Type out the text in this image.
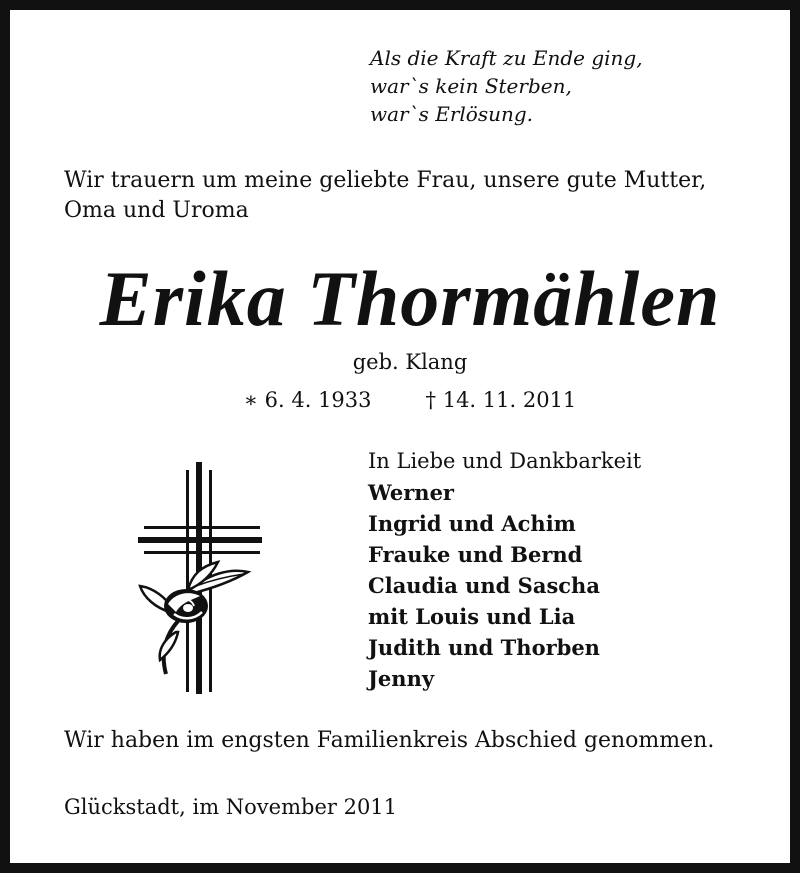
Als die Kraft zu Ende ging,
war`s kein Sterben,
war`s Erlösung.
Wir trauern um meine geliebte Frau, unsere gute Mutter,
Oma und Uroma
Erika Thormählen
geb. Klang
∗ 6. 4. 1933	† 14. 11. 2011
In Liebe und Dankbarkeit
Werner
Ingrid und Achim
Frauke und Bernd
Claudia und Sascha
mit Louis und Lia
Judith und Thorben
Jenny
Wir haben im engsten Familienkreis Abschied genommen.
Glückstadt, im November 2011
